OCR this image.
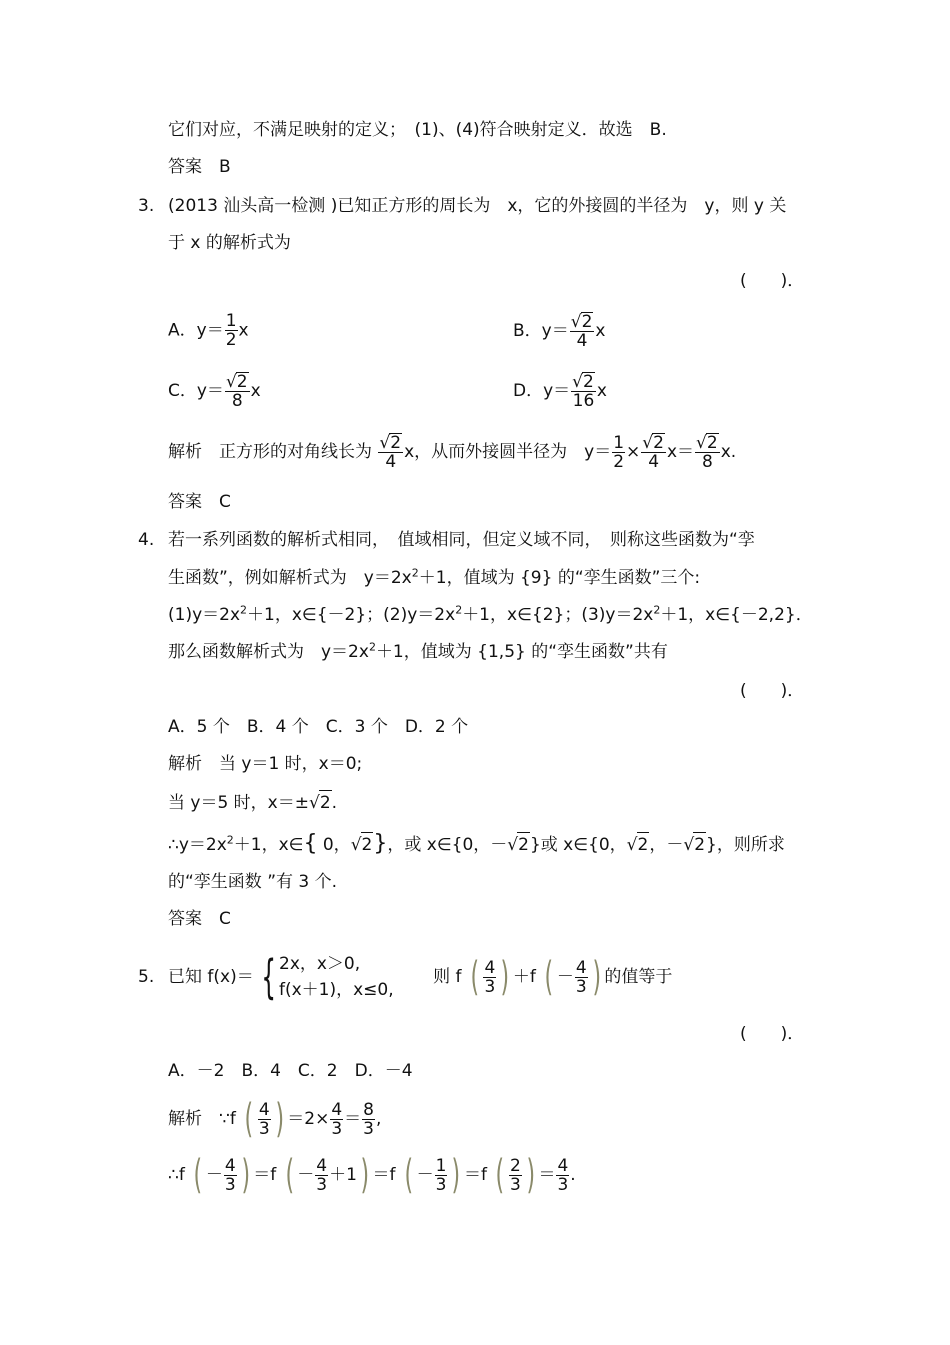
它们对应，不满足映射的定义；　(1)、(4)符合映射定义．故选　B.
答案　B
3. (2013 汕头高一检测 )已知正方形的周长为　x，它的外接圆的半径为　y，则 y 关
于 x 的解析式为
(　　)．
A．$y= \frac{1}{2}$ x	B．$y= \frac{√2}{4}$ x
C．$y= \frac{√2}{8}$ x	D．$y= \frac{√2}{16}$ x
解析　 正方形的对角线长为 $\frac{√2}{4}$ x，从而外接圆半径为　$y= \frac{1}{2} \times \frac{√2}{4} x= \frac{√2}{8} x$.
答案　C
4. 若一系列函数的解析式相同，　值域相同，但定义域不同，　则称这些函数为“孪
生函数”，例如解析式为　$y=2x^2+1$，值域为 {9} 的“孪生函数”三个:
$(1)y=2x^2+1$，x∈{－2}；$(2)y=2x^2+1$，x∈{2}；$(3)y=2x^2+1$，x∈{－2,2}．
那么函数解析式为　$y=2x^2+1$，值域为 {1,5} 的“孪生函数”共有
(　　)．
A．5 个　B．4 个　C．3 个　D．2 个
解析　当 y＝1 时，x＝0;
当 y＝5 时，x＝±√2.
$\therefore y=2x^2+1$，x∈{ 0，√2}，或 x∈{0，－√2}或 x∈{0，√2，－√2}，则所求
的“孪生函数 ”有 3 个.
答案　C
5. 已知 f(x)＝ { 2x，x＞0,
f(x＋1)，x≤0,
　　则 f ( $\frac{4}{3}$ ) ＋f ( － $\frac{4}{3}$ ) 的值等于
(　　)．
A．－2　B．4　C．2　D．－4
解析　 ∵f ( $\frac{4}{3}$ ) $=2\times \frac{4}{3} = \frac{8}{3}$ ,
∴f ( － $\frac{4}{3}$ ) ＝f ( － $\frac{4}{3} +1) =f$ ( － $\frac{1}{3}$ ) ＝f ( $\frac{2}{3}$ ) ＝ $\frac{4}{3}$ .
